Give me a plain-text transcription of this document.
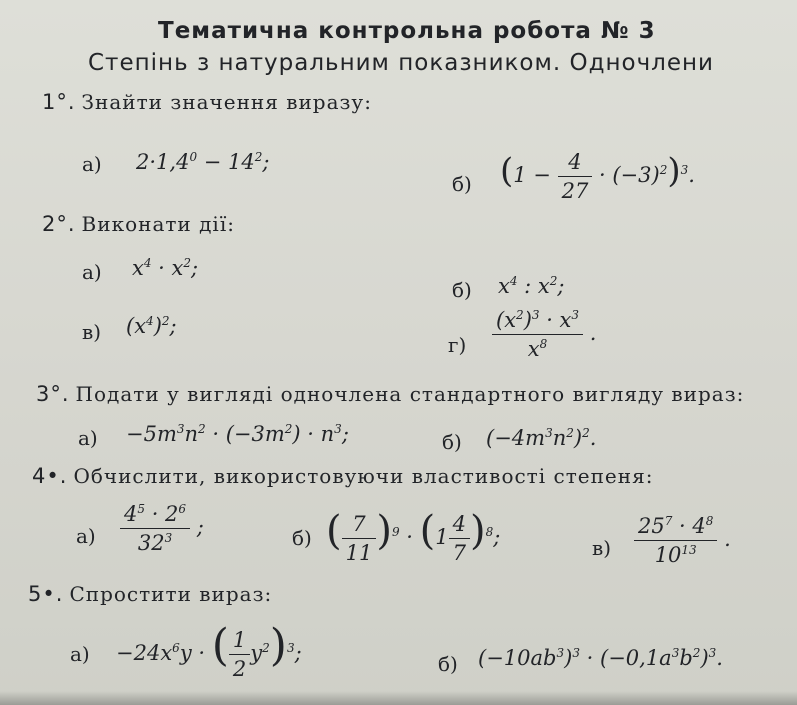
Тематична контрольна робота № 3
Степінь з натуральним показником. Одночлени
1°. Знайти значення виразу:
а) $2\cdot 1,4^0 - 14^2$;
б) $(1 - \frac{4}{27} \cdot (-3)^2)^3$.
2°. Виконати дії:
а) $x^4 \cdot x^2$;
б) $x^4$ : $x^2$;
в) $(x^4)^2$;
$г) \frac{(x^2)^3 \cdot x^3}{x^8}$ .
3°. Подати у вигляді одночлена стандартного вигляду вираз:
$а) -5m^3n^2 \cdot (-3m^2) \cdot n^3$;	б) $(-4m^3n^2)^2$.
4•. Обчислити, використовуючи властивості степеня:
$а) \frac{4^5 \cdot 2^6}{32^3}$ ;	б) ( $\frac{7}{11} )^9 \cdot (1 \frac{4}{7} )^8$;	$в) \frac{25^7 \cdot 4^8}{10^{13}}$ .
5•. Спростити вираз:
$а) -24x^6y$ · ( $\frac{1}{2} y^2)^3$;	б) $(-10ab^3)^3 \cdot (-0,1a^3b^2)^3$.
